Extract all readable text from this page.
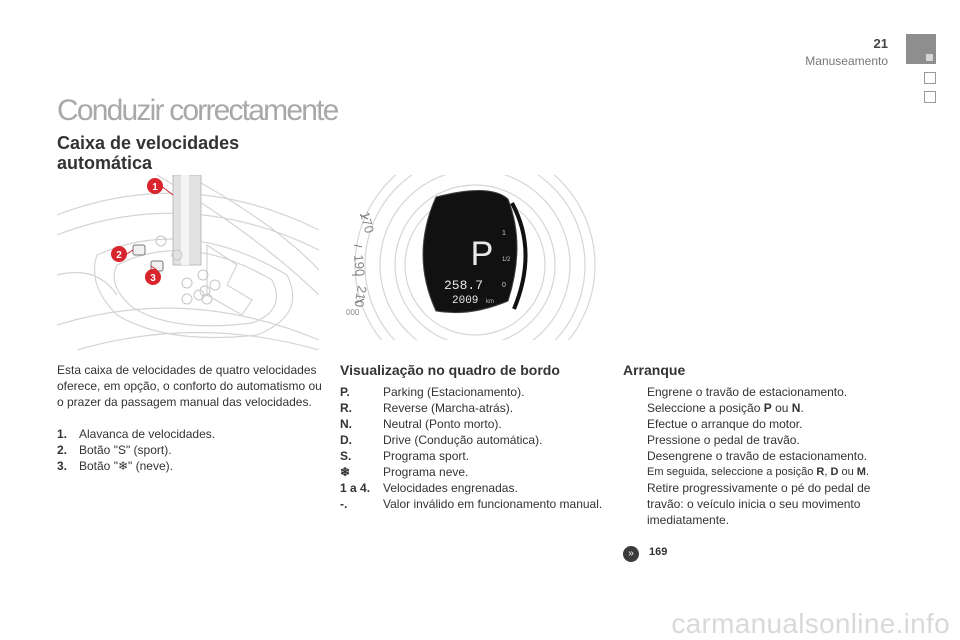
21
Manuseamento
Conduzir correctamente
Caixa de velocidades automática
1
2
3
170
190
210
000
P
258.7
2009 km
1
1/2
0
Esta caixa de velocidades de quatro velocidades oferece, em opção, o conforto do automatismo ou o prazer da passagem manual das velocidades.
1. Alavanca de velocidades.
2. Botão "S" (sport).
3. Botão "❄" (neve).
Visualização no quadro de bordo
P.	Parking (Estacionamento).
R.	Reverse (Marcha-atrás).
N.	Neutral (Ponto morto).
D.	Drive (Condução automática).
S.	Programa sport.
❄	Programa neve.
1 a 4.	Velocidades engrenadas.
-.	Valor inválido em funcionamento manual.
Arranque
Engrene o travão de estacionamento.
Seleccione a posição P ou N.
Efectue o arranque do motor.
Pressione o pedal de travão.
Desengrene o travão de estacionamento.
Em seguida, seleccione a posição R, D ou M.
Retire progressivamente o pé do pedal de travão: o veículo inicia o seu movimento imediatamente.
»	169
carmanualsonline.info
